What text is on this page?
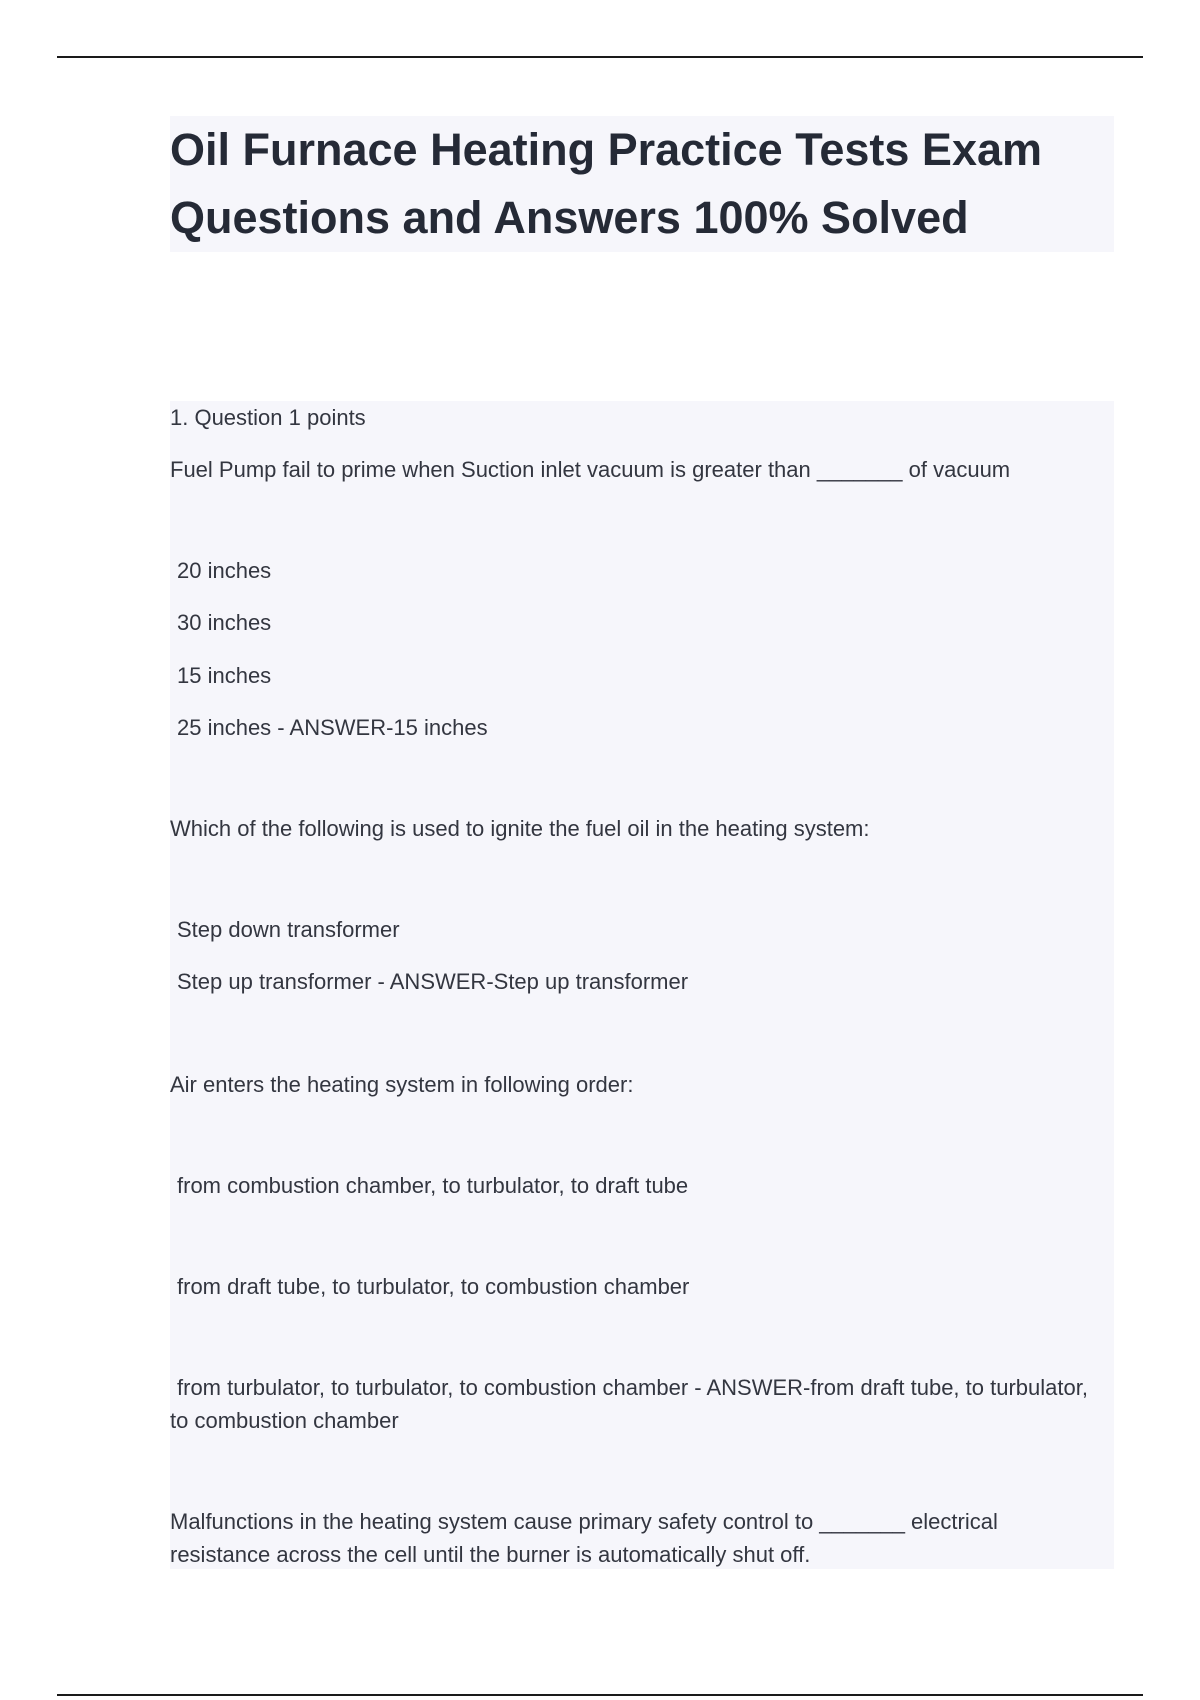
Oil Furnace Heating Practice Tests Exam Questions and Answers 100% Solved

1. Question 1 points

Fuel Pump fail to prime when Suction inlet vacuum is greater than _______ of vacuum

20 inches

30 inches

15 inches

25 inches - ANSWER-15 inches

Which of the following is used to ignite the fuel oil in the heating system:

Step down transformer

Step up transformer - ANSWER-Step up transformer

Air enters the heating system in following order:

from combustion chamber, to turbulator, to draft tube

from draft tube, to turbulator, to combustion chamber

from turbulator, to turbulator, to combustion chamber - ANSWER-from draft tube, to turbulator, to combustion chamber

Malfunctions in the heating system cause primary safety control to _______ electrical resistance across the cell until the burner is automatically shut off.
